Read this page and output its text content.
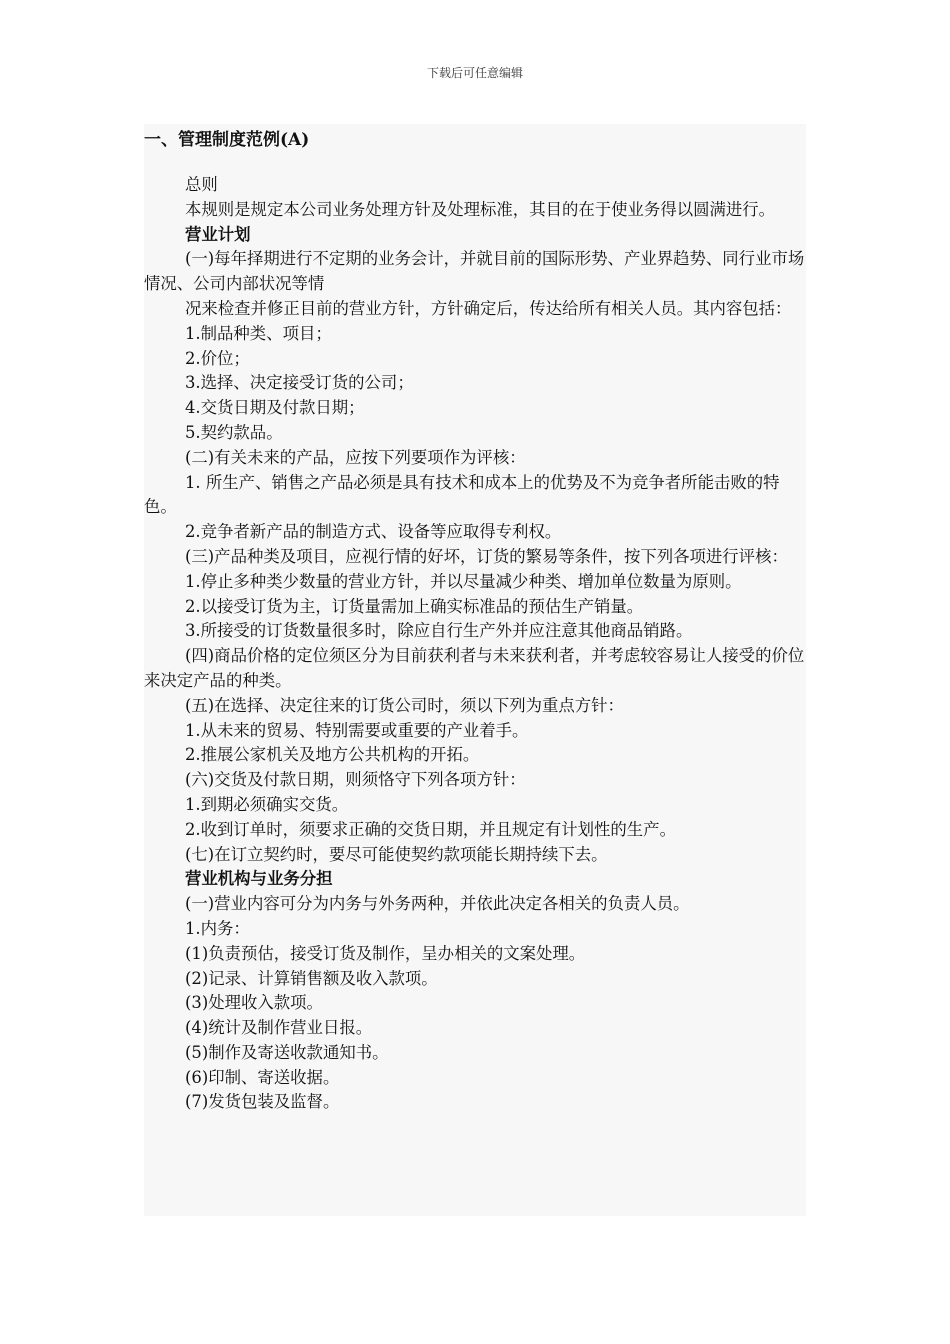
下载后可任意编辑
一、管理制度范例(A)

总则

本规则是规定本公司业务处理方针及处理标准，其目的在于使业务得以圆满进行。

营业计划

(一)每年择期进行不定期的业务会计，并就目前的国际形势、产业界趋势、同行业市场情况、公司内部状况等情

况来检查并修正目前的营业方针，方针确定后，传达给所有相关人员。其内容包括：

1.制品种类、项目；

2.价位；

3.选择、决定接受订货的公司；

4.交货日期及付款日期；

5.契约款品。

(二)有关未来的产品，应按下列要项作为评核：

1. 所生产、销售之产品必须是具有技术和成本上的优势及不为竞争者所能击败的特色。

2.竞争者新产品的制造方式、设备等应取得专利权。

(三)产品种类及项目，应视行情的好坏，订货的繁易等条件，按下列各项进行评核：

1.停止多种类少数量的营业方针，并以尽量减少种类、增加单位数量为原则。

2.以接受订货为主，订货量需加上确实标准品的预估生产销量。

3.所接受的订货数量很多时，除应自行生产外并应注意其他商品销路。

(四)商品价格的定位须区分为目前获利者与未来获利者，并考虑较容易让人接受的价位来决定产品的种类。

(五)在选择、决定往来的订货公司时，须以下列为重点方针：

1.从未来的贸易、特别需要或重要的产业着手。

2.推展公家机关及地方公共机构的开拓。

(六)交货及付款日期，则须恪守下列各项方针：

1.到期必须确实交货。

2.收到订单时，须要求正确的交货日期，并且规定有计划性的生产。

(七)在订立契约时，要尽可能使契约款项能长期持续下去。

营业机构与业务分担

(一)营业内容可分为内务与外务两种，并依此决定各相关的负责人员。

1.内务：

(1)负责预估，接受订货及制作，呈办相关的文案处理。

(2)记录、计算销售额及收入款项。

(3)处理收入款项。

(4)统计及制作营业日报。

(5)制作及寄送收款通知书。

(6)印制、寄送收据。

(7)发货包装及监督。
